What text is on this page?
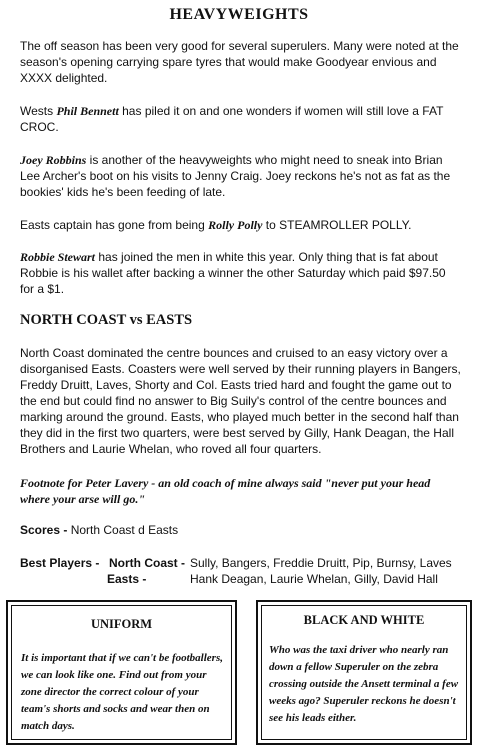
HEAVYWEIGHTS

The off season has been very good for several superulers. Many were noted at the season's opening carrying spare tyres that would make Goodyear envious and XXXX delighted.

Wests Phil Bennett has piled it on and one wonders if women will still love a FAT CROC.

Joey Robbins is another of the heavyweights who might need to sneak into Brian Lee Archer's boot on his visits to Jenny Craig. Joey reckons he's not as fat as the bookies' kids he's been feeding of late.

Easts captain has gone from being Rolly Polly to STEAMROLLER POLLY.

Robbie Stewart has joined the men in white this year. Only thing that is fat about Robbie is his wallet after backing a winner the other Saturday which paid $97.50 for a $1.

NORTH COAST vs EASTS

North Coast dominated the centre bounces and cruised to an easy victory over a disorganised Easts. Coasters were well served by their running players in Bangers, Freddy Druitt, Laves, Shorty and Col. Easts tried hard and fought the game out to the end but could find no answer to Big Suily's control of the centre bounces and marking around the ground. Easts, who played much better in the second half than they did in the first two quarters, were best served by Gilly, Hank Deagan, the Hall Brothers and Laurie Whelan, who roved all four quarters.

Footnote for Peter Lavery - an old coach of mine always said "never put your head where your arse will go."

Scores - North Coast d Easts

Best Players - North Coast - Sully, Bangers, Freddie Druitt, Pip, Burnsy, Laves

Easts -	Hank Deagan, Laurie Whelan, Gilly, David Hall

UNIFORM

It is important that if we can't be footballers, we can look like one. Find out from your zone director the correct colour of your team's shorts and socks and wear then on match days.

BLACK AND WHITE

Who was the taxi driver who nearly ran down a fellow Superuler on the zebra crossing outside the Ansett terminal a few weeks ago? Superuler reckons he doesn't see his leads either.
